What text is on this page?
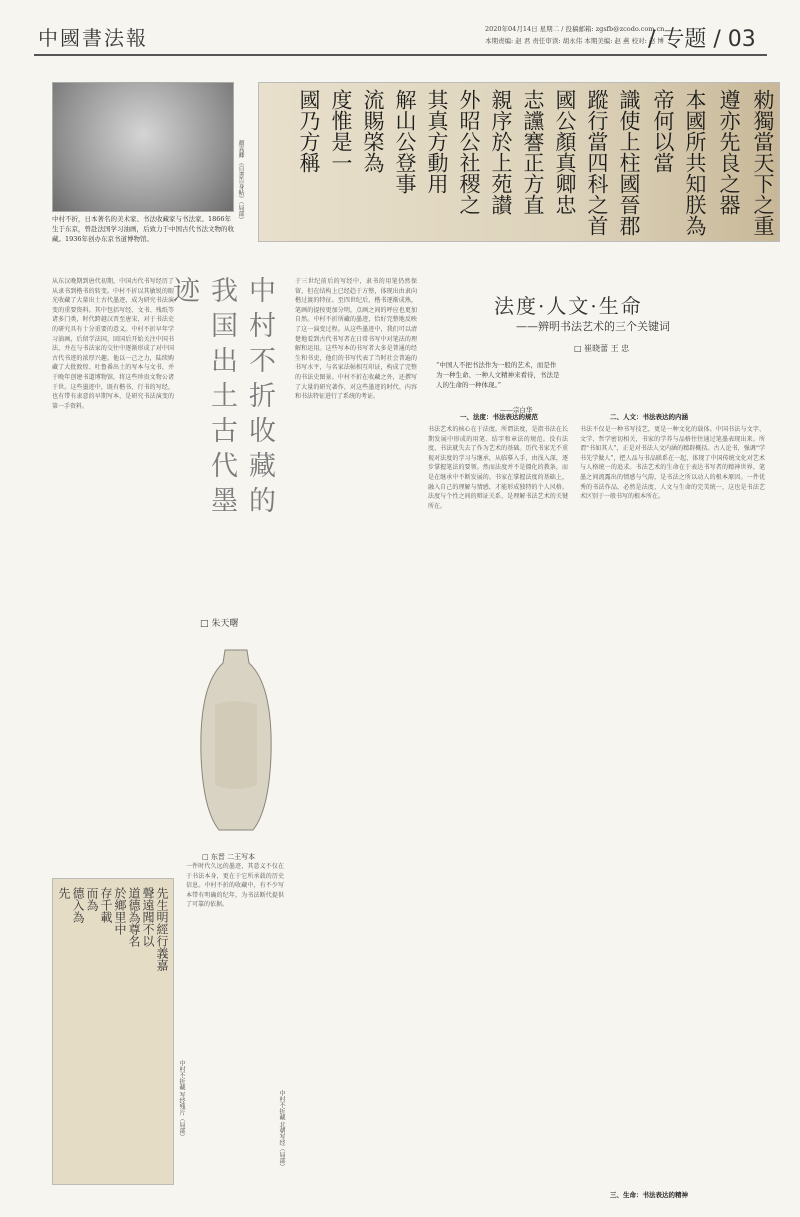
中國書法報	2020年04月14日 星期二 / 投稿邮箱: zgsfb@zcodo.com.cn
本期责编: 赵 君 责任审读: 胡永伟 本期美编: 赵 燕 校对: 赵 博
/ 专题 / 03
勑獨當天下之重
遵亦先良之器
本國所共知朕為
帝何以當
識使上柱國晉郡
蹤行當四科之首
國公顏真卿忠
志讜謇正方直
親序於上苑讃
外昭公社稷之
其真方動用
解山公登事
流賜棨為
度惟是一
國乃方稱
顏真卿 《自書告身帖》（局部）
中村不折，日本著名的美术家、书法收藏家与书法家。1866年生于东京，曾赴法国学习油画，后致力于中国古代书法文物的收藏。1936年创办东京书道博物馆。
从东汉晚期到唐代初期，中国古代书写经历了从隶书到楷书的转变。中村不折以其敏锐的眼光收藏了大量出土古代墨迹，成为研究书法演变的重要资料。其中包括写经、文书、残纸等诸多门类，时代跨越汉晋至唐宋，对于书法史的研究具有十分重要的意义。中村不折早年学习油画，后留学法国，回国后开始关注中国书法，并在与书法家的交往中逐渐形成了对中国古代书迹的浓厚兴趣。他以一己之力，陆续购藏了大批敦煌、吐鲁番出土的写本与文书，并于晚年创建书道博物馆，将这些珍贵文物公诸于世。这些墨迹中，既有楷书、行书的写经，也有带有隶意的早期写本，是研究书法演变的第一手资料。	中村不折收藏的我国出土古代墨迹
□ 朱天曙
□ 东晋 二王写本
一件时代久远的墨迹，其意义不仅在于书法本身，更在于它所承载的历史信息。中村不折的收藏中，有不少写本带有明确的纪年，为书法断代提供了可靠的依据。
中村不折藏 北朝写经（局部）
于三世纪前后的写经中，隶书的用笔仍然保留，但在结构上已经趋于方整，体现出由隶向楷过渡的特征。至四世纪后，楷书逐渐成熟，笔画的提按更加分明，点画之间的呼应也更加自然。中村不折所藏的墨迹，恰好完整地反映了这一演变过程。从这些墨迹中，我们可以清楚地看到古代书写者在日常书写中对笔法的理解和运用。这些写本的书写者大多是普通的经生和书吏，他们的书写代表了当时社会普遍的书写水平，与名家法帖相互印证，构成了完整的书法史图景。中村不折在收藏之外，还撰写了大量的研究著作，对这些墨迹的时代、内容和书法特征进行了系统的考证。
法度·人文·生命
——辨明书法艺术的三个关键词
□ 崔晓蕾 王 忠
“中国人不把书法作为一般的艺术，而是作为一种生命、一种人文精神来看待，书法是人的生命的一种体现。”
——宗白华
一、法度：书法表达的规范
书法艺术的核心在于法度。所谓法度，是指书法在长期发展中形成的用笔、结字和章法的规范。没有法度，书法就失去了作为艺术的基础。历代书家无不重视对法度的学习与继承，从临摹入手，由浅入深，逐步掌握笔法的要领。然而法度并不是僵化的教条，而是在继承中不断发展的。书家在掌握法度的基础上，融入自己的理解与情感，才能形成独特的个人风格。法度与个性之间的辩证关系，是理解书法艺术的关键所在。
二、人文：书法表达的内涵
书法不仅是一种书写技艺，更是一种文化的载体。中国书法与文字、文学、哲学密切相关，书家的学养与品格往往通过笔墨表现出来。所谓“书如其人”，正是对书法人文内涵的精辟概括。古人论书，强调“学书先学做人”，把人品与书品联系在一起，体现了中国传统文化对艺术与人格统一的追求。书法艺术的生命在于表达书写者的精神世界，笔墨之间流露出的情感与气韵，是书法之所以动人的根本原因。一件优秀的书法作品，必然是法度、人文与生命的完美统一，这也是书法艺术区别于一般书写的根本所在。
三、生命：书法表达的精神
先生明經行義嘉
聲遠聞不以
道德為尊名
於鄉里中
存千載
而為
德入為
先
中村不折藏 写经残片（局部）
